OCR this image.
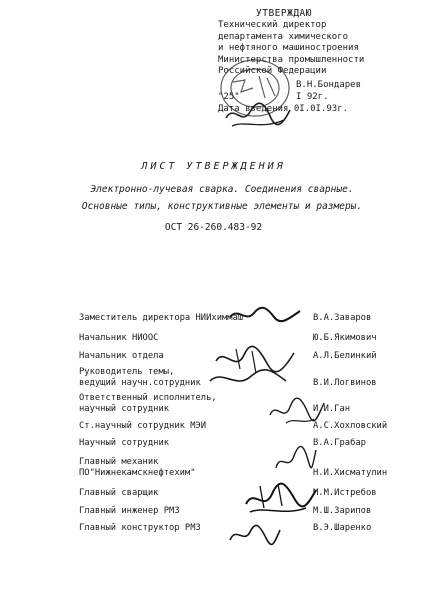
УТВЕРЖДАЮ
Технический директор
департамента химического
и нефтяного машиностроения
Министерства промышленности
Российской Федерации
В.Н.Бондарев
"25"	I 92г.
Дата введения 0I.0I.93г.
ЛИСТ УТВЕРЖДЕНИЯ
Электронно-лучевая сварка. Соединения сварные.
Основные типы, конструктивные элементы и размеры.
ОСТ 26-260.483-92
Заместитель директора НИИхиммаш	В.А.Заваров
Начальник НИООС	Ю.Б.Якимович
Начальник отдела	А.Л.Белинкий
Руководитель темы,
ведущий научн.сотрудник	В.И.Логвинов
Ответственный исполнитель,
научный сотрудник	И.И.Ган
Ст.научный сотрудник МЭИ	А.С.Хохловский
Научный сотрудник	В.А.Грабар
Главный механик
ПО"Нижнекамскнефтехим"	Н.И.Хисматулин
Главный сварщик	М.М.Истребов
Главный инженер РМЗ	М.Ш.Зарипов
Главный конструктор РМЗ	В.Э.Шаренко
